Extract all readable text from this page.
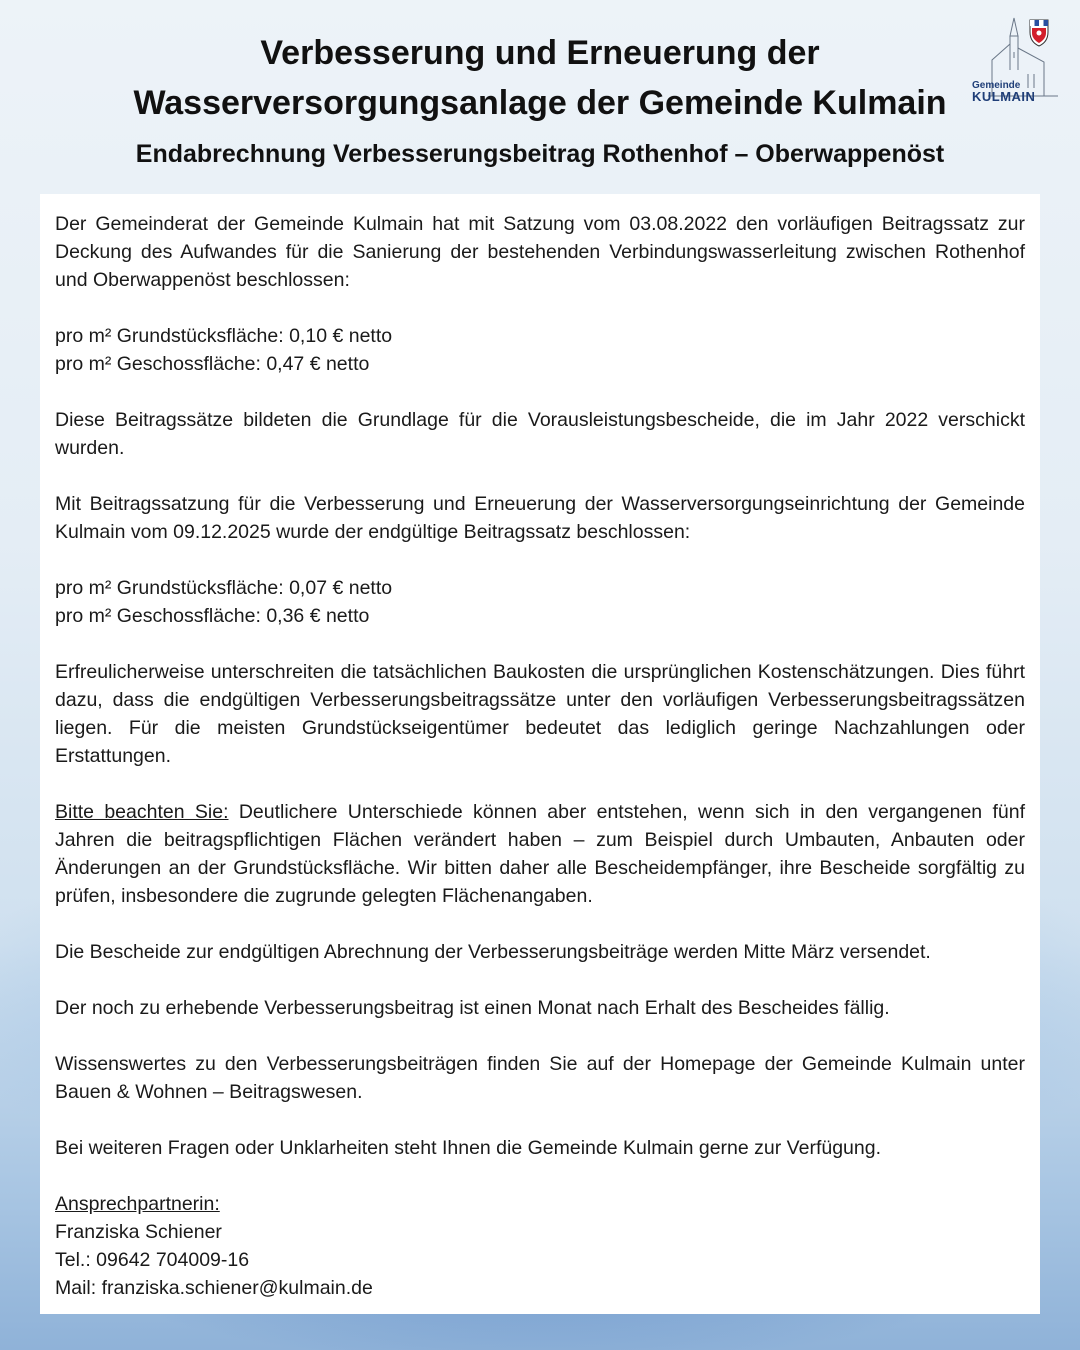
Verbesserung und Erneuerung der
Wasserversorgungsanlage der Gemeinde Kulmain
Endabrechnung Verbesserungsbeitrag Rothenhof – Oberwappenöst
Gemeinde
KULMAIN

Der Gemeinderat der Gemeinde Kulmain hat mit Satzung vom 03.08.2022 den vorläufigen Beitragssatz zur Deckung des Aufwandes für die Sanierung der bestehenden Verbindungswasserleitung zwischen Rothenhof und Oberwappenöst beschlossen:

pro m² Grundstücksfläche: 0,10 € netto
pro m² Geschossfläche: 0,47 € netto

Diese Beitragssätze bildeten die Grundlage für die Vorausleistungsbescheide, die im Jahr 2022 verschickt wurden.

Mit Beitragssatzung für die Verbesserung und Erneuerung der Wasserversorgungseinrichtung der Gemeinde Kulmain vom 09.12.2025 wurde der endgültige Beitragssatz beschlossen:

pro m² Grundstücksfläche: 0,07 € netto
pro m² Geschossfläche: 0,36 € netto

Erfreulicherweise unterschreiten die tatsächlichen Baukosten die ursprünglichen Kostenschätzungen. Dies führt dazu, dass die endgültigen Verbesserungsbeitragssätze unter den vorläufigen Verbesserungsbeitragssätzen liegen. Für die meisten Grundstückseigentümer bedeutet das lediglich geringe Nachzahlungen oder Erstattungen.

Bitte beachten Sie: Deutlichere Unterschiede können aber entstehen, wenn sich in den vergangenen fünf Jahren die beitragspflichtigen Flächen verändert haben – zum Beispiel durch Umbauten, Anbauten oder Änderungen an der Grundstücksfläche. Wir bitten daher alle Bescheidempfänger, ihre Bescheide sorgfältig zu prüfen, insbesondere die zugrunde gelegten Flächenangaben.

Die Bescheide zur endgültigen Abrechnung der Verbesserungsbeiträge werden Mitte März versendet.

Der noch zu erhebende Verbesserungsbeitrag ist einen Monat nach Erhalt des Bescheides fällig.

Wissenswertes zu den Verbesserungsbeiträgen finden Sie auf der Homepage der Gemeinde Kulmain unter Bauen & Wohnen – Beitragswesen.

Bei weiteren Fragen oder Unklarheiten steht Ihnen die Gemeinde Kulmain gerne zur Verfügung.

Ansprechpartnerin:
Franziska Schiener
Tel.: 09642 704009-16
Mail: franziska.schiener@kulmain.de
